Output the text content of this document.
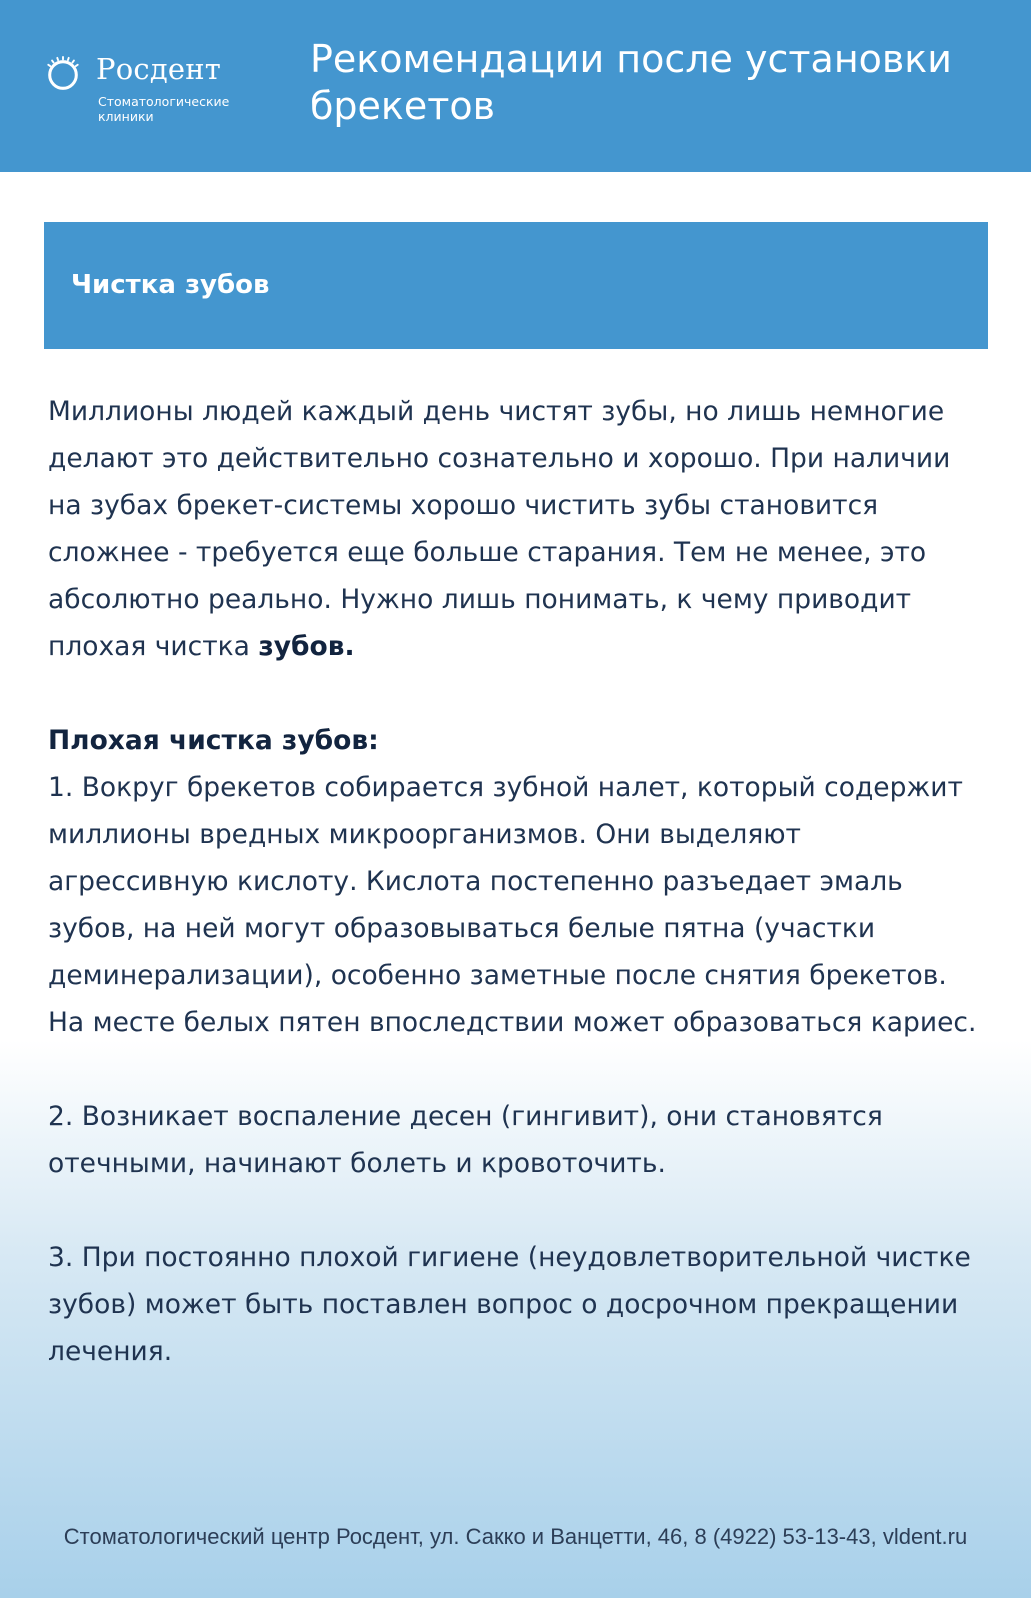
Росдент
Стоматологические клиники
Рекомендации после установки брекетов
Чистка зубов

Миллионы людей каждый день чистят зубы, но лишь немногие делают это действительно сознательно и хорошо. При наличии на зубах брекет-системы хорошо чистить зубы становится сложнее - требуется еще больше старания. Тем не менее, это абсолютно реально. Нужно лишь понимать, к чему приводит плохая чистка зубов.

Плохая чистка зубов:

1. Вокруг брекетов собирается зубной налет, который содержит миллионы вредных микроорганизмов. Они выделяют агрессивную кислоту. Кислота постепенно разъедает эмаль зубов, на ней могут образовываться белые пятна (участки деминерализации), особенно заметные после снятия брекетов. На месте белых пятен впоследствии может образоваться кариес.

2. Возникает воспаление десен (гингивит), они становятся отечными, начинают болеть и кровоточить.

3. При постоянно плохой гигиене (неудовлетворительной чистке зубов) может быть поставлен вопрос о досрочном прекращении лечения.

Стоматологический центр Росдент, ул. Сакко и Ванцетти, 46, 8 (4922) 53-13-43, vldent.ru
